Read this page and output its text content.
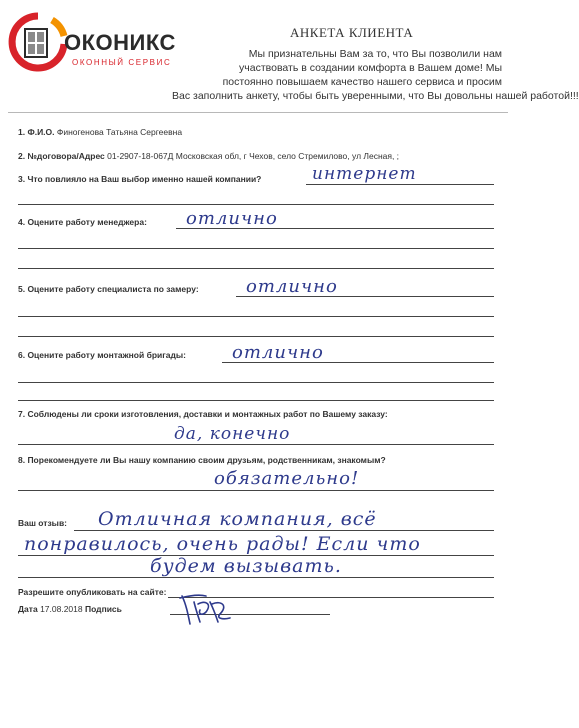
ОКОНИКС
ОКОННЫЙ СЕРВИС
АНКЕТА КЛИЕНТА
Мы признательны Вам за то, что Вы позволили нам
участвовать в создании комфорта в Вашем доме! Мы
постоянно повышаем качество нашего сервиса и просим
Вас заполнить анкету, чтобы быть уверенными, что Вы довольны нашей работой!!!
1. Ф.И.О. Финогенова Татьяна Сергеевна
2. №договора/Адрес 01-2907-18-067Д Московская обл, г Чехов, село Стремилово, ул Лесная, ;
3. Что повлияло на Ваш выбор именно нашей компании?	интернет
4. Оцените работу менеджера: отлично
5. Оцените работу специалиста по замеру:	отлично
6. Оцените работу монтажной бригады:	отлично
7. Соблюдены ли сроки изготовления, доставки и монтажных работ по Вашему заказу:
да, конечно
8. Порекомендуете ли Вы нашу компанию своим друзьям, родственникам, знакомым?
обязательно!
Ваш отзыв: Отличная компания, всё
понравилось, очень рады! Если что
будем вызывать.
Разрешите опубликовать на сайте:
Дата 17.08.2018 Подпись
